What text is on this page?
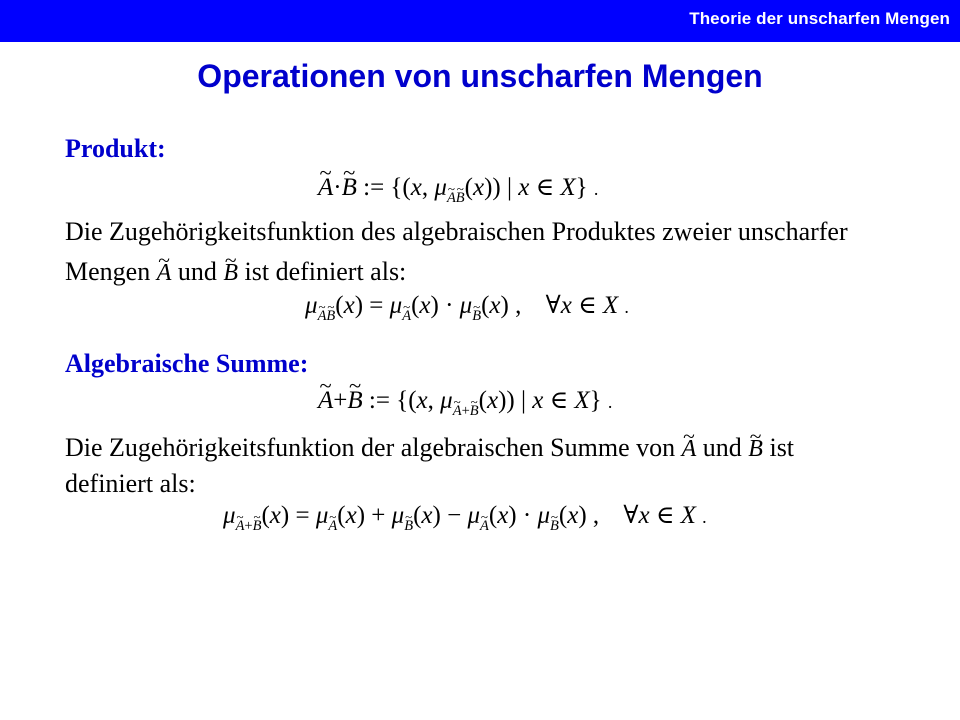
Theorie der unscharfen Mengen
Operationen von unscharfen Mengen
Produkt:
~ A·~ B := {(x, μ~ $_{A\sim B}$(x)) | x ∈ X} .
Die Zugehörigkeitsfunktion des algebraischen Produktes zweier unscharfer
Mengen ~ A und ~ B ist definiert als:
μ~ $_{A\sim B}$(x) = μ~ $_A$(x) · μ~ $_B$(x) , ∀x ∈ X .
Algebraische Summe:
~ A+~ B := {(x, μ~ $_{A+\sim B}$(x)) | x ∈ X} .
Die Zugehörigkeitsfunktion der algebraischen Summe von ~ A und ~ B ist
definiert als:
μ~ $_{A+\sim B}$(x) = μ~ $_A$(x) + μ~ $_B$(x) − μ~ $_A$(x) · μ~ $_B$(x) , ∀x ∈ X .
